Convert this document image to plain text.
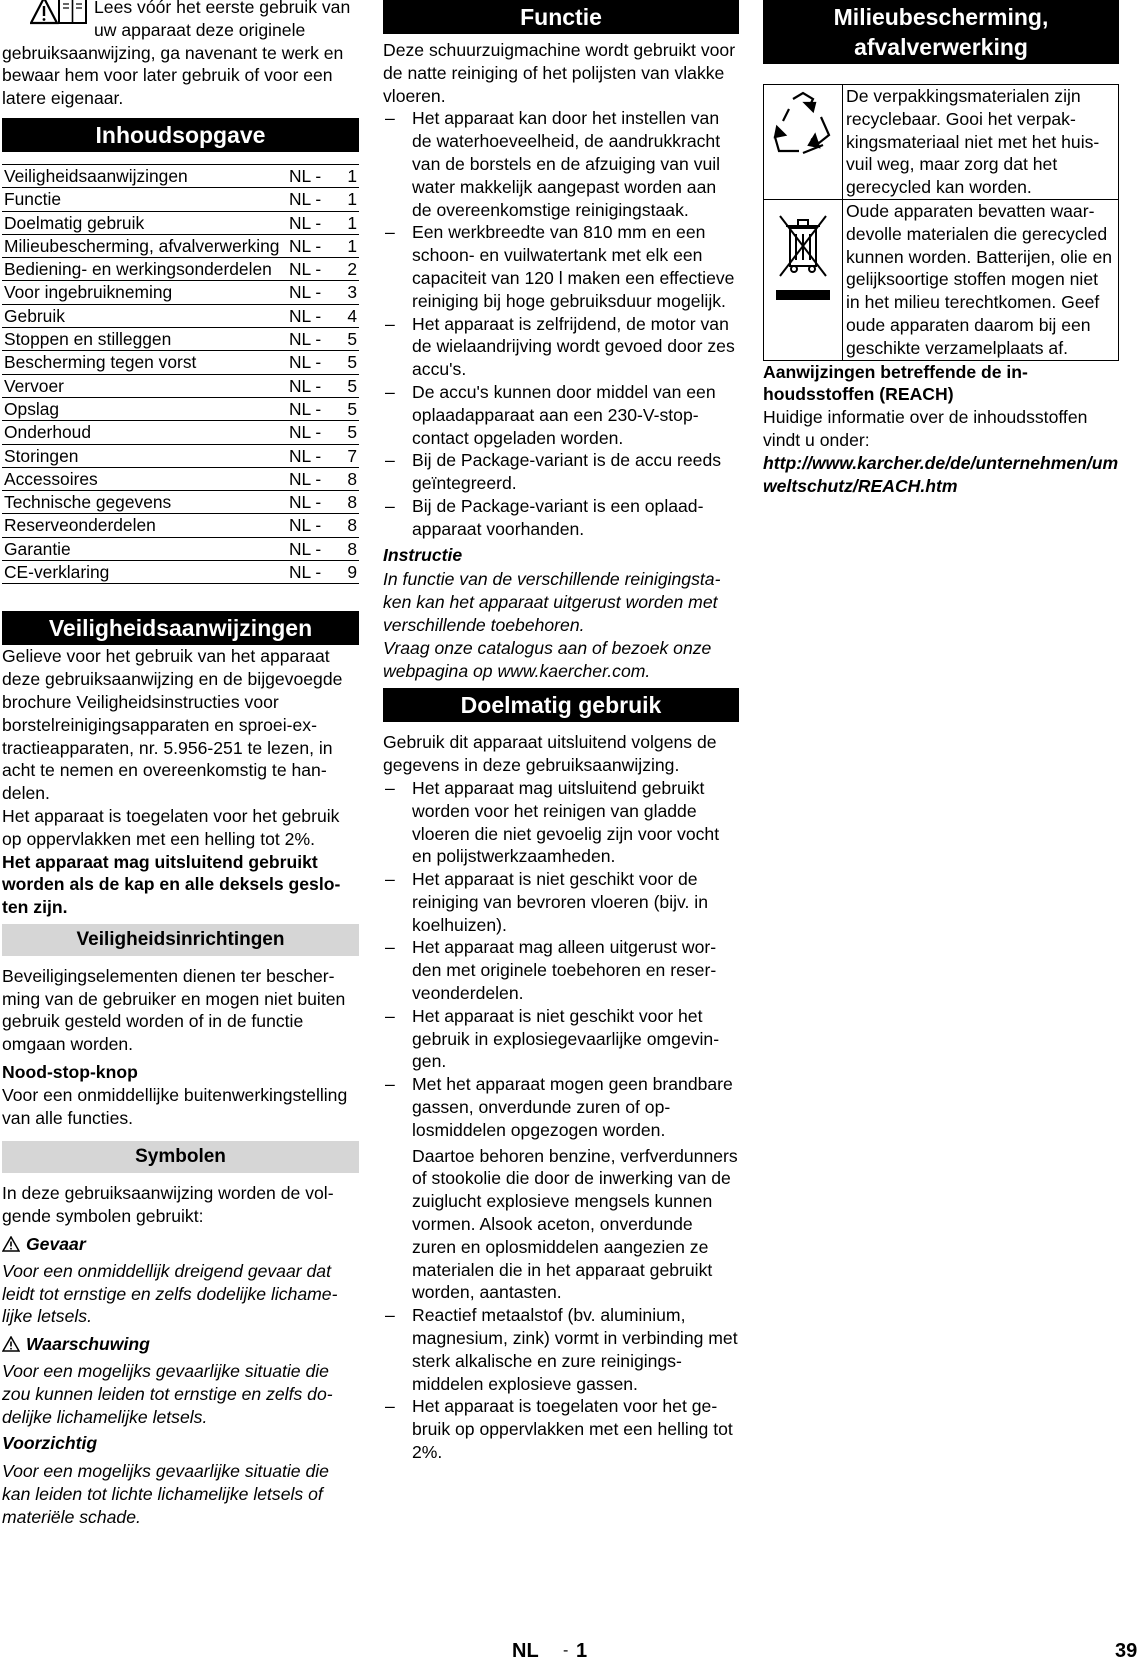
Lees vóór het eerste gebruik van uw apparaat deze originele gebruiksaanwijzing, ga navenant te werk en bewaar hem voor later gebruik of voor een latere eigenaar.

Inhoudsopgave
Veiligheidsaanwijzingen	NL -	1
Functie	NL -	1
Doelmatig gebruik	NL -	1
Milieubescherming, afvalverwerking	NL -	1
Bediening- en werkingsonderdelen	NL -	2
Voor ingebruikneming	NL -	3
Gebruik	NL -	4
Stoppen en stilleggen	NL -	5
Bescherming tegen vorst	NL -	5
Vervoer	NL -	5
Opslag	NL -	5
Onderhoud	NL -	5
Storingen	NL -	7
Accessoires	NL -	8
Technische gegevens	NL -	8
Reserveonderdelen	NL -	8
Garantie	NL -	8
CE-verklaring	NL -	9
Veiligheidsaanwijzingen

Gelieve voor het gebruik van het apparaat deze gebruiksaanwijzing en de bijgevoegde brochure Veiligheidsinstructies voor borstelreinigingsapparaten en sproei-extractieapparaten, nr. 5.956-251 te lezen, in acht te nemen en overeenkomstig te handelen.

Het apparaat is toegelaten voor het gebruik op oppervlakken met een helling tot 2%.

Het apparaat mag uitsluitend gebruikt worden als de kap en alle deksels gesloten zijn.

Veiligheidsinrichtingen

Beveiligingselementen dienen ter bescherming van de gebruiker en mogen niet buiten gebruik gesteld worden of in de functie omgaan worden.

Nood-stop-knop

Voor een onmiddellijke buitenwerkingstelling van alle functies.

Symbolen

In deze gebruiksaanwijzing worden de volgende symbolen gebruikt:

Gevaar

Voor een onmiddellijk dreigend gevaar dat leidt tot ernstige en zelfs dodelijke lichamelijke letsels.

Waarschuwing

Voor een mogelijks gevaarlijke situatie die zou kunnen leiden tot ernstige en zelfs dodelijke lichamelijke letsels.

Voorzichtig

Voor een mogelijks gevaarlijke situatie die kan leiden tot lichte lichamelijke letsels of materiële schade.

Functie

Deze schuurzuigmachine wordt gebruikt voor de natte reiniging of het polijsten van vlakke vloeren.

– Het apparaat kan door het instellen van de waterhoeveelheid, de aandrukkracht van de borstels en de afzuiging van vuil water makkelijk aangepast worden aan de overeenkomstige reinigingstaak.
– Een werkbreedte van 810 mm en een schoon- en vuilwatertank met elk een capaciteit van 120 l maken een effectieve reiniging bij hoge gebruiksduur mogelijk.
– Het apparaat is zelfrijdend, de motor van de wielaandrijving wordt gevoed door zes accu's.
– De accu's kunnen door middel van een oplaadapparaat aan een 230-V-stopcontact opgeladen worden.
– Bij de Package-variant is de accu reeds geïntegreerd.
– Bij de Package-variant is een oplaadapparaat voorhanden.

Instructie

In functie van de verschillende reinigingstaken kan het apparaat uitgerust worden met verschillende toebehoren.

Vraag onze catalogus aan of bezoek onze webpagina op www.kaercher.com.

Doelmatig gebruik

Gebruik dit apparaat uitsluitend volgens de gegevens in deze gebruiksaanwijzing.

– Het apparaat mag uitsluitend gebruikt worden voor het reinigen van gladde vloeren die niet gevoelig zijn voor vocht en polijstwerkzaamheden.
– Het apparaat is niet geschikt voor de reiniging van bevroren vloeren (bijv. in koelhuizen).
– Het apparaat mag alleen uitgerust worden met originele toebehoren en reserveonderdelen.
– Het apparaat is niet geschikt voor het gebruik in explosiegevaarlijke omgevingen.
– Met het apparaat mogen geen brandbare gassen, onverdunde zuren of oplosmiddelen opgezogen worden.

Daartoe behoren benzine, verfverdunners of stookolie die door de inwerking van de zuiglucht explosieve mengsels kunnen vormen. Alsook aceton, onverdunde zuren en oplosmiddelen aangezien ze materialen die in het apparaat gebruikt worden, aantasten.

– Reactief metaalstof (bv. aluminium, magnesium, zink) vormt in verbinding met sterk alkalische en zure reinigingsmiddelen explosieve gassen.
– Het apparaat is toegelaten voor het gebruik op oppervlakken met een helling tot 2%.
Milieubescherming, afvalverwerking
	De verpakkingsmaterialen zijn recyclebaar. Gooi het verpakkingsmateriaal niet met het huisvuil weg, maar zorg dat het gerecycled kan worden.
	Oude apparaten bevatten waardevolle materialen die gerecycled kunnen worden. Batterijen, olie en gelijksoortige stoffen mogen niet in het milieu terechtkomen. Geef oude apparaten daarom bij een geschikte verzamelplaats af.

Aanwijzingen betreffende de inhoudsstoffen (REACH)

Huidige informatie over de inhoudsstoffen vindt u onder:

http://www.karcher.de/de/unternehmen/umweltschutz/REACH.htm

NL - 1	39
